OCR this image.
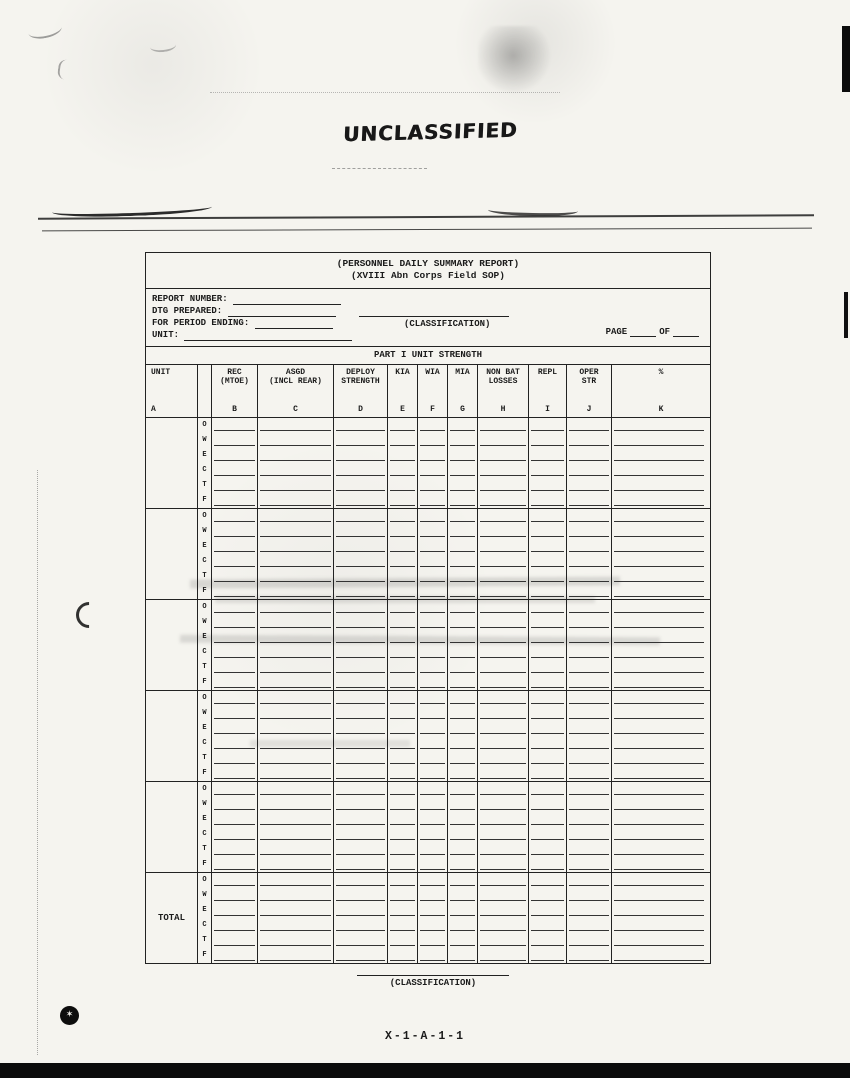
✶
UNCLASSIFIED
(PERSONNEL DAILY SUMMARY REPORT)
(XVIII Abn Corps Field SOP)
REPORT NUMBER:
DTG PREPARED:
FOR PERIOD ENDING:
UNIT:
(CLASSIFICATION)
PAGE	OF
PART I UNIT STRENGTH
UNIT
A
REC
(MTOE)
B
ASGD
(INCL REAR)
C
DEPLOY
STRENGTH
D
KIA
E
WIA
F
MIA
G
NON BAT
LOSSES
H
REPL
I
OPER
STR
J
%
K
O
W
E
C
T
F
O
W
E
C
T
F
O
W
E
C
T
F
O
W
E
C
T
F
O
W
E
C
T
F
TOTAL
O
W
E
C
T
F
(CLASSIFICATION)
X-1-A-1-1
